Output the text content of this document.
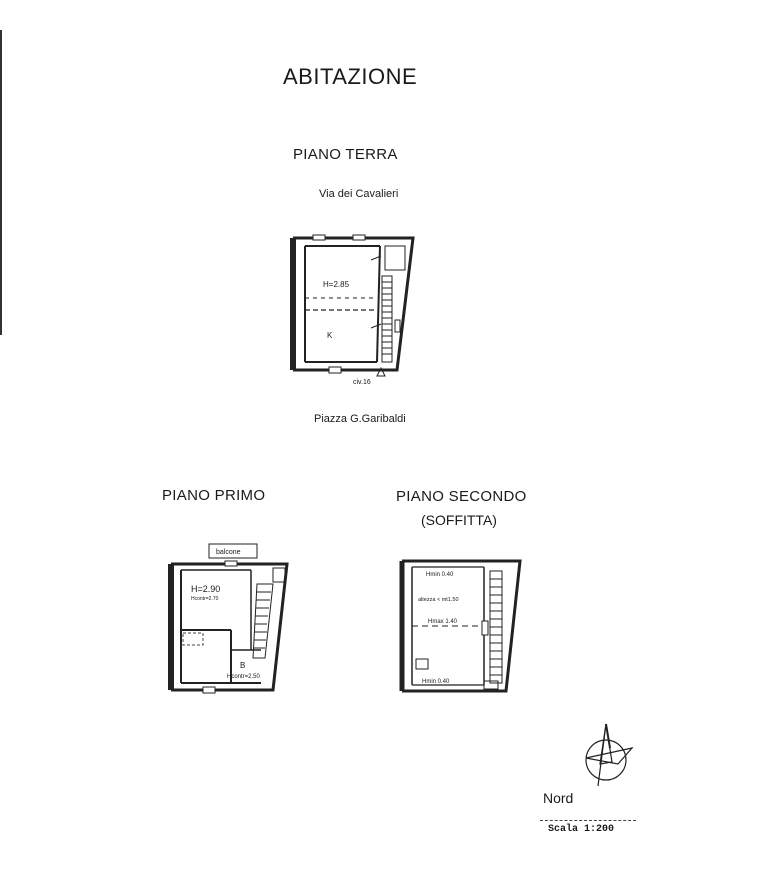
ABITAZIONE
PIANO TERRA
Via dei Cavalieri
H=2.85
K
civ.16
Piazza G.Garibaldi
PIANO PRIMO
balcone
H=2.90
Hcontr=2.70
B
Hcontr=2.50
PIANO SECONDO
(SOFFITTA)
Hmin 0.40
altezza < mt1.50
Hmax 1.40
Hmin 0.40
Nord
Scala 1:200
